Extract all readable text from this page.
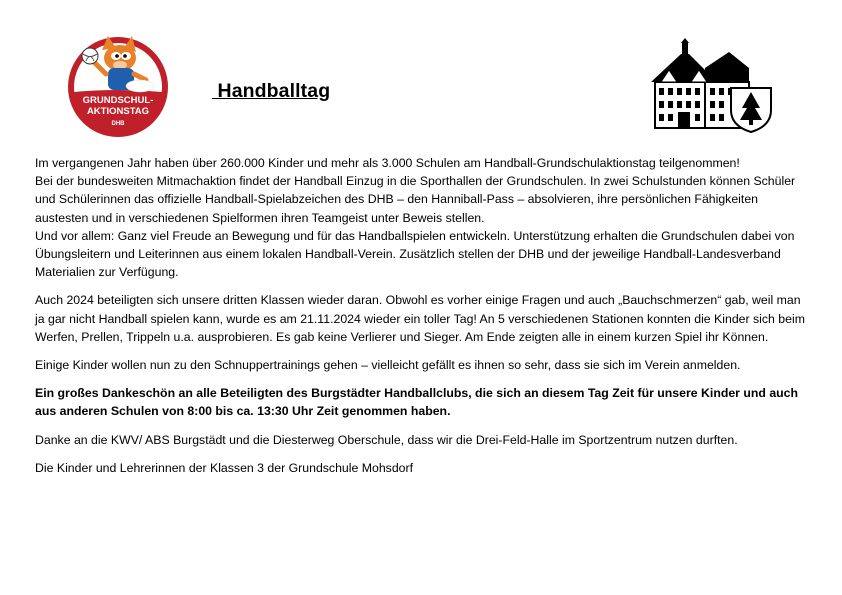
GRUNDSCHUL-
AKTIONSTAG
DHB
Handballtag

Im vergangenen Jahr haben über 260.000 Kinder und mehr als 3.000 Schulen am Handball-Grundschulaktionstag teilgenommen!

Bei der bundesweiten Mitmachaktion findet der Handball Einzug in die Sporthallen der Grundschulen. In zwei Schulstunden können Schüler und Schülerinnen das offizielle Handball-Spielabzeichen des DHB – den Hanniball-Pass – absolvieren, ihre persönlichen Fähigkeiten austesten und in verschiedenen Spielformen ihren Teamgeist unter Beweis stellen.

Und vor allem: Ganz viel Freude an Bewegung und für das Handballspielen entwickeln. Unterstützung erhalten die Grundschulen dabei von Übungsleitern und Leiterinnen aus einem lokalen Handball-Verein. Zusätzlich stellen der DHB und der jeweilige Handball-Landesverband Materialien zur Verfügung.

Auch 2024 beteiligten sich unsere dritten Klassen wieder daran. Obwohl es vorher einige Fragen und auch „Bauchschmerzen“ gab, weil man ja gar nicht Handball spielen kann, wurde es am 21.11.2024 wieder ein toller Tag! An 5 verschiedenen Stationen konnten die Kinder sich beim Werfen, Prellen, Trippeln u.a. ausprobieren. Es gab keine Verlierer und Sieger. Am Ende zeigten alle in einem kurzen Spiel ihr Können.

Einige Kinder wollen nun zu den Schnuppertrainings gehen – vielleicht gefällt es ihnen so sehr, dass sie sich im Verein anmelden.

Ein großes Dankeschön an alle Beteiligten des Burgstädter Handballclubs, die sich an diesem Tag Zeit für unsere Kinder und auch aus anderen Schulen von 8:00 bis ca. 13:30 Uhr Zeit genommen haben.

Danke an die KWV/ ABS Burgstädt und die Diesterweg Oberschule, dass wir die Drei-Feld-Halle im Sportzentrum nutzen durften.

Die Kinder und Lehrerinnen der Klassen 3 der Grundschule Mohsdorf
